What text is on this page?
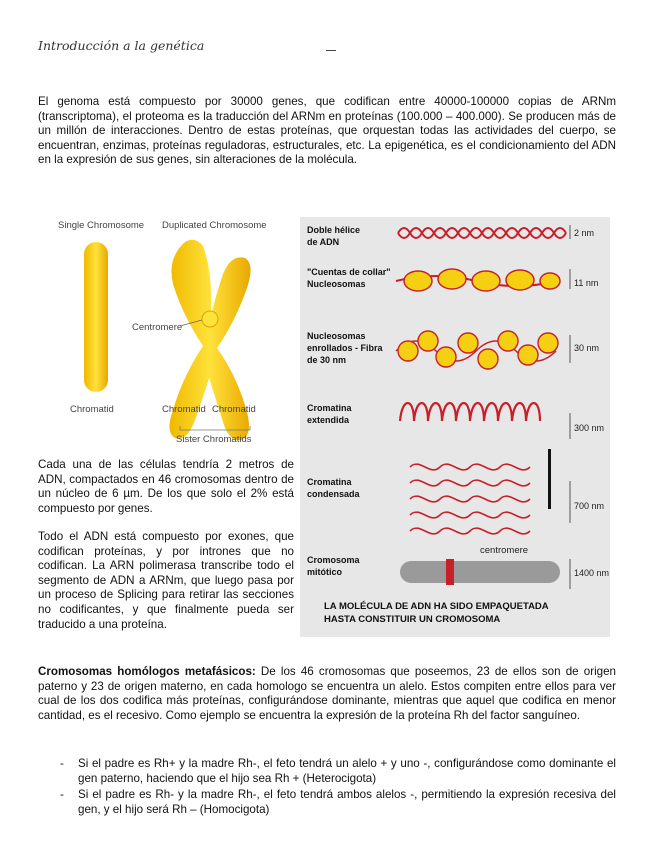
Introducción a la genética

El genoma está compuesto por 30000 genes, que codifican entre 40000-100000 copias de ARNm (transcriptoma), el proteoma es la traducción del ARNm en proteínas (100.000 – 400.000). Se producen más de un millón de interacciones. Dentro de estas proteínas, que orquestan todas las actividades del cuerpo, se encuentran, enzimas, proteínas reguladoras, estructurales, etc. La epigenética, es el condicionamiento del ADN en la expresión de sus genes, sin alteraciones de la molécula.

Single Chromosome Duplicated Chromosome
Centromere
Chromatid	Chromatid Chromatid
Sister Chromatids
Doble hélice
de ADN
"Cuentas de collar"
Nucleosomas
Nucleosomas
enrollados - Fibra
de 30 nm
Cromatina
extendida
Cromatina
condensada
Cromosoma
mitótico
centromere
2 nm
11 nm
30 nm
300 nm
700 nm
1400 nm
LA MOLÉCULA DE ADN HA SIDO EMPAQUETADA
HASTA CONSTITUIR UN CROMOSOMA

Cada una de las células tendría 2 metros de ADN, compactados en 46 cromosomas dentro de un núcleo de 6 µm. De los que solo el 2% está compuesto por genes.

Todo el ADN está compuesto por exones, que codifican proteínas, y por intrones que no codifican. La ARN polimerasa transcribe todo el segmento de ADN a ARNm, que luego pasa por un proceso de Splicing para retirar las secciones no codificantes, y que finalmente pueda ser traducido a una proteína.

Cromosomas homólogos metafásicos: De los 46 cromosomas que poseemos, 23 de ellos son de origen paterno y 23 de origen materno, en cada homologo se encuentra un alelo. Estos compiten entre ellos para ver cual de los dos codifica más proteínas, configurándose dominante, mientras que aquel que codifica en menor cantidad, es el recesivo. Como ejemplo se encuentra la expresión de la proteína Rh del factor sanguíneo.

- Si el padre es Rh+ y la madre Rh-, el feto tendrá un alelo + y uno -, configurándose como dominante el gen paterno, haciendo que el hijo sea Rh + (Heterocigota)
- Si el padre es Rh- y la madre Rh-, el feto tendrá ambos alelos -, permitiendo la expresión recesiva del gen, y el hijo será Rh – (Homocigota)
